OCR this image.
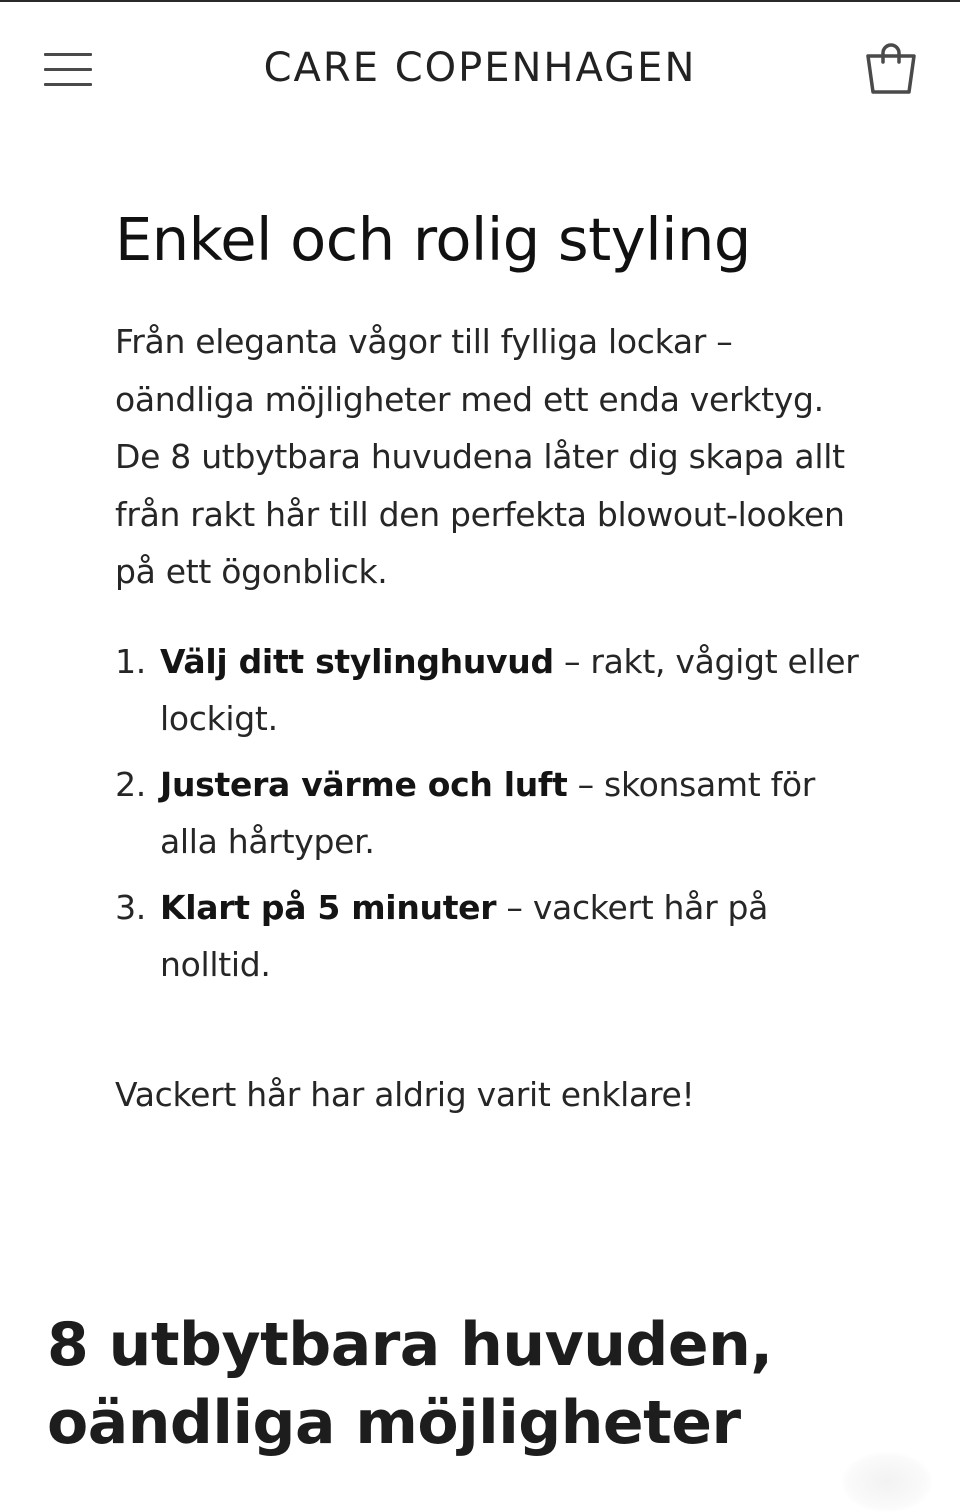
CARE COPENHAGEN
Enkel och rolig styling

Från eleganta vågor till fylliga lockar – oändliga möjligheter med ett enda verktyg. De 8 utbytbara huvudena låter dig skapa allt från rakt hår till den perfekta blowout-looken på ett ögonblick.

1. Välj ditt stylinghuvud – rakt, vågigt eller lockigt.
2. Justera värme och luft – skonsamt för alla hårtyper.
3. Klart på 5 minuter – vackert hår på nolltid.

Vackert hår har aldrig varit enklare!

8 utbytbara huvuden,
oändliga möjligheter
